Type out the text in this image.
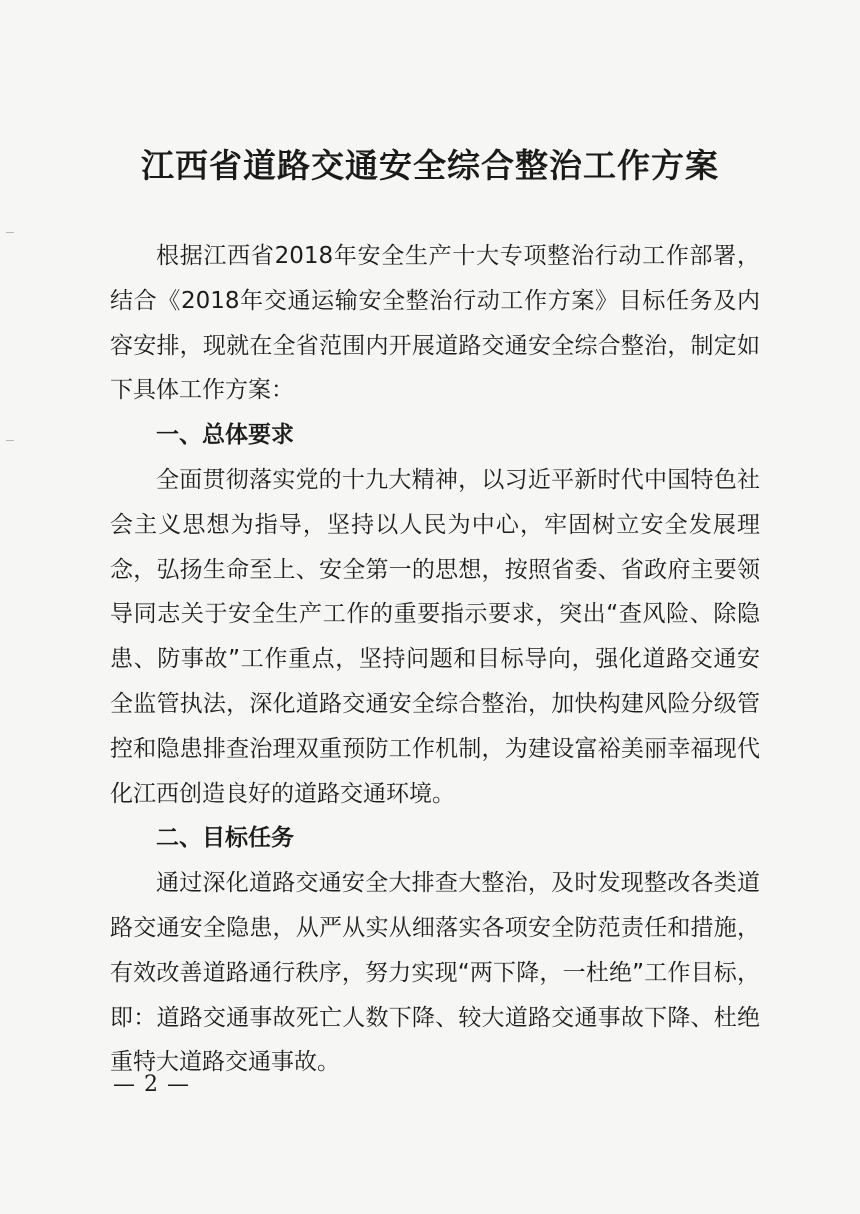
江西省道路交通安全综合整治工作方案

根据江西省2018年安全生产十大专项整治行动工作部署，结合《2018年交通运输安全整治行动工作方案》目标任务及内容安排，现就在全省范围内开展道路交通安全综合整治，制定如下具体工作方案：

一、总体要求

全面贯彻落实党的十九大精神，以习近平新时代中国特色社会主义思想为指导，坚持以人民为中心，牢固树立安全发展理念，弘扬生命至上、安全第一的思想，按照省委、省政府主要领导同志关于安全生产工作的重要指示要求，突出“查风险、除隐患、防事故”工作重点，坚持问题和目标导向，强化道路交通安全监管执法，深化道路交通安全综合整治，加快构建风险分级管控和隐患排查治理双重预防工作机制，为建设富裕美丽幸福现代化江西创造良好的道路交通环境。

二、目标任务

通过深化道路交通安全大排查大整治，及时发现整改各类道路交通安全隐患，从严从实从细落实各项安全防范责任和措施，有效改善道路通行秩序，努力实现“两下降，一杜绝”工作目标，即：道路交通事故死亡人数下降、较大道路交通事故下降、杜绝重特大道路交通事故。

— 2 —
